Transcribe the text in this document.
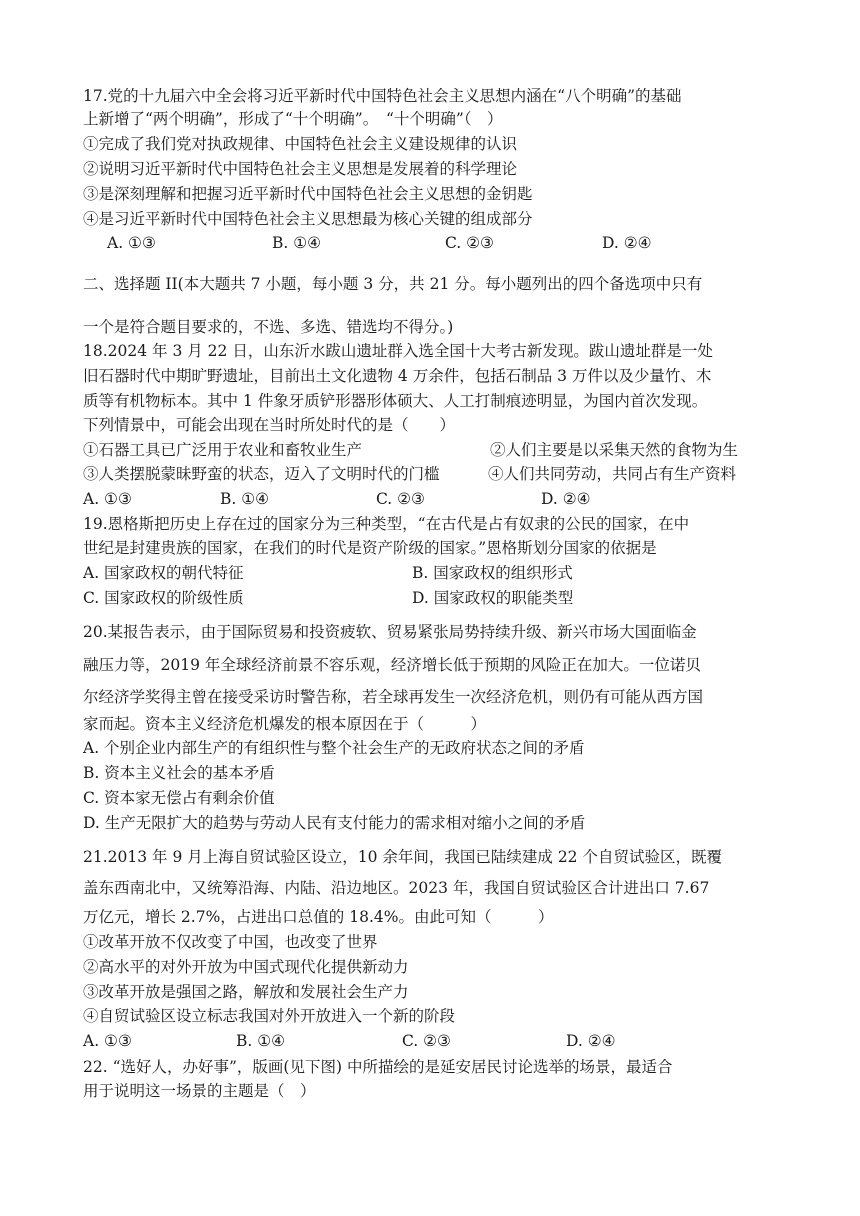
17.党的十九届六中全会将习近平新时代中国特色社会主义思想内涵在“八个明确”的基础
上新增了“两个明确”，形成了“十个明确”。　“十个明确”（　）
①完成了我们党对执政规律、中国特色社会主义建设规律的认识
②说明习近平新时代中国特色社会主义思想是发展着的科学理论
③是深刻理解和把握习近平新时代中国特色社会主义思想的金钥匙
④是习近平新时代中国特色社会主义思想最为核心关键的组成部分
A. ①③	B. ①④	C. ②③	D. ②④
二、选择题 II(本大题共 7 小题，每小题 3 分，共 21 分。每小题列出的四个备选项中只有
一个是符合题目要求的，不选、多选、错选均不得分。)
18.2024 年 3 月 22 日，山东沂水跋山遗址群入选全国十大考古新发现。跋山遗址群是一处
旧石器时代中期旷野遗址，目前出土文化遗物 4 万余件，包括石制品 3 万件以及少量竹、木
质等有机物标本。其中 1 件象牙质铲形器形体硕大、人工打制痕迹明显，为国内首次发现。
下列情景中，可能会出现在当时所处时代的是（　　）
①石器工具已广泛用于农业和畜牧业生产	②人们主要是以采集天然的食物为生
③人类摆脱蒙昧野蛮的状态，迈入了文明时代的门槛	④人们共同劳动，共同占有生产资料
A. ①③	B. ①④	C. ②③	D. ②④
19.恩格斯把历史上存在过的国家分为三种类型，“在古代是占有奴隶的公民的国家，在中
世纪是封建贵族的国家，在我们的时代是资产阶级的国家。”恩格斯划分国家的依据是
A. 国家政权的朝代特征	B. 国家政权的组织形式
C. 国家政权的阶级性质	D. 国家政权的职能类型
20.某报告表示，由于国际贸易和投资疲软、贸易紧张局势持续升级、新兴市场大国面临金
融压力等，2019 年全球经济前景不容乐观，经济增长低于预期的风险正在加大。一位诺贝
尔经济学奖得主曾在接受采访时警告称，若全球再发生一次经济危机，则仍有可能从西方国
家而起。资本主义经济危机爆发的根本原因在于（　　　）
A. 个别企业内部生产的有组织性与整个社会生产的无政府状态之间的矛盾
B. 资本主义社会的基本矛盾
C. 资本家无偿占有剩余价值
D. 生产无限扩大的趋势与劳动人民有支付能力的需求相对缩小之间的矛盾
21.2013 年 9 月上海自贸试验区设立，10 余年间，我国已陆续建成 22 个自贸试验区，既覆
盖东西南北中，又统筹沿海、内陆、沿边地区。2023 年，我国自贸试验区合计进出口 7.67
万亿元，增长 2.7%，占进出口总值的 18.4%。由此可知（　　　）
①改革开放不仅改变了中国，也改变了世界
②高水平的对外开放为中国式现代化提供新动力
③改革开放是强国之路，解放和发展社会生产力
④自贸试验区设立标志我国对外开放进入一个新的阶段
A. ①③	B. ①④	C. ②③	D. ②④
22. “选好人，办好事”，版画(见下图) 中所描绘的是延安居民讨论选举的场景，最适合
用于说明这一场景的主题是（　）
